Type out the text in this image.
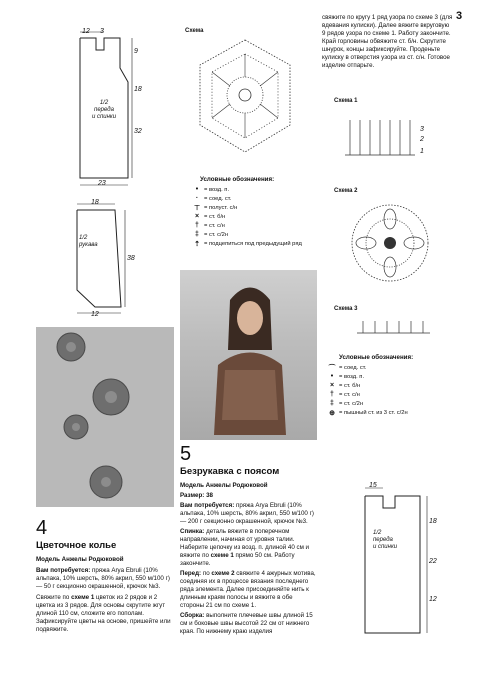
3
12 3
9
18
32
23
1/2
переда
и спинки
18
38
12
1/2
рукава
Схема
Условные обозначения:
• = возд. п.
·	= соед. ст.
⊤ = полуст. с/н
× = ст. б/н
† = ст. с/н
‡ = ст. с/2н
⇡ = подцепиться под предыдущий ряд
4
Цветочное колье
Модель Анжелы Родюковой
Вам потребуется: пряжа Arya Ebruli (10% альпака, 10% шерсть, 80% акрил, 550 м/100 г) — 50 г секционно окрашенной, крючок №3.
Свяжите по схеме 1 цветок из 2 рядов и 2 цветка из 3 рядов. Для основы скрутите жгут длиной 110 см, сложите его пополам. Зафиксируйте цветы на основе, пришейте или подвяжите.
5
Безрукавка с поясом
Модель Анжелы Родюковой
Размер: 38
Вам потребуется: пряжа Arya Ebruli (10% альпака, 10% шерсть, 80% акрил, 550 м/100 г) — 200 г секционно окрашенной, крючок №3.
Спинка: деталь вяжите в поперечном направлении, начиная от уровня талии. Наберите цепочку из возд. п. длиной 40 см и вяжите по схеме 1 прямо 50 см. Работу закончите.
Перед: по схеме 2 свяжите 4 ажурных мотива, соединяя их в процессе вязания последнего ряда элемента. Далее присоединяйте нить к длинным краям полосы и вяжите в обе стороны 21 см по схеме 1.
Сборка: выполните плечевые швы длиной 15 см и боковые швы высотой 22 см от нижнего края. По нижнему краю изделия
свяжите по кругу 1 ряд узора по схеме 3 (для вдевания кулиски). Далее вяжите вкруговую 9 рядов узора по схеме 1. Работу закончите. Край горловины обвяжите ст. б/н. Скрутите шнурок, концы зафиксируйте. Проденьте кулиску в отверстия узора из ст. с/н. Готовое изделие отпарьте.
Схема 1
3
2
1
Схема 2
Схема 3
Условные обозначения:
⌒ = соед. ст.
• = возд. п.
× = ст. б/н
† = ст. с/н
‡ = ст. с/2н
⊕ = пышный ст. из 3 ст. с/2н
15
18
22
12
1/2
переда
и спинки
